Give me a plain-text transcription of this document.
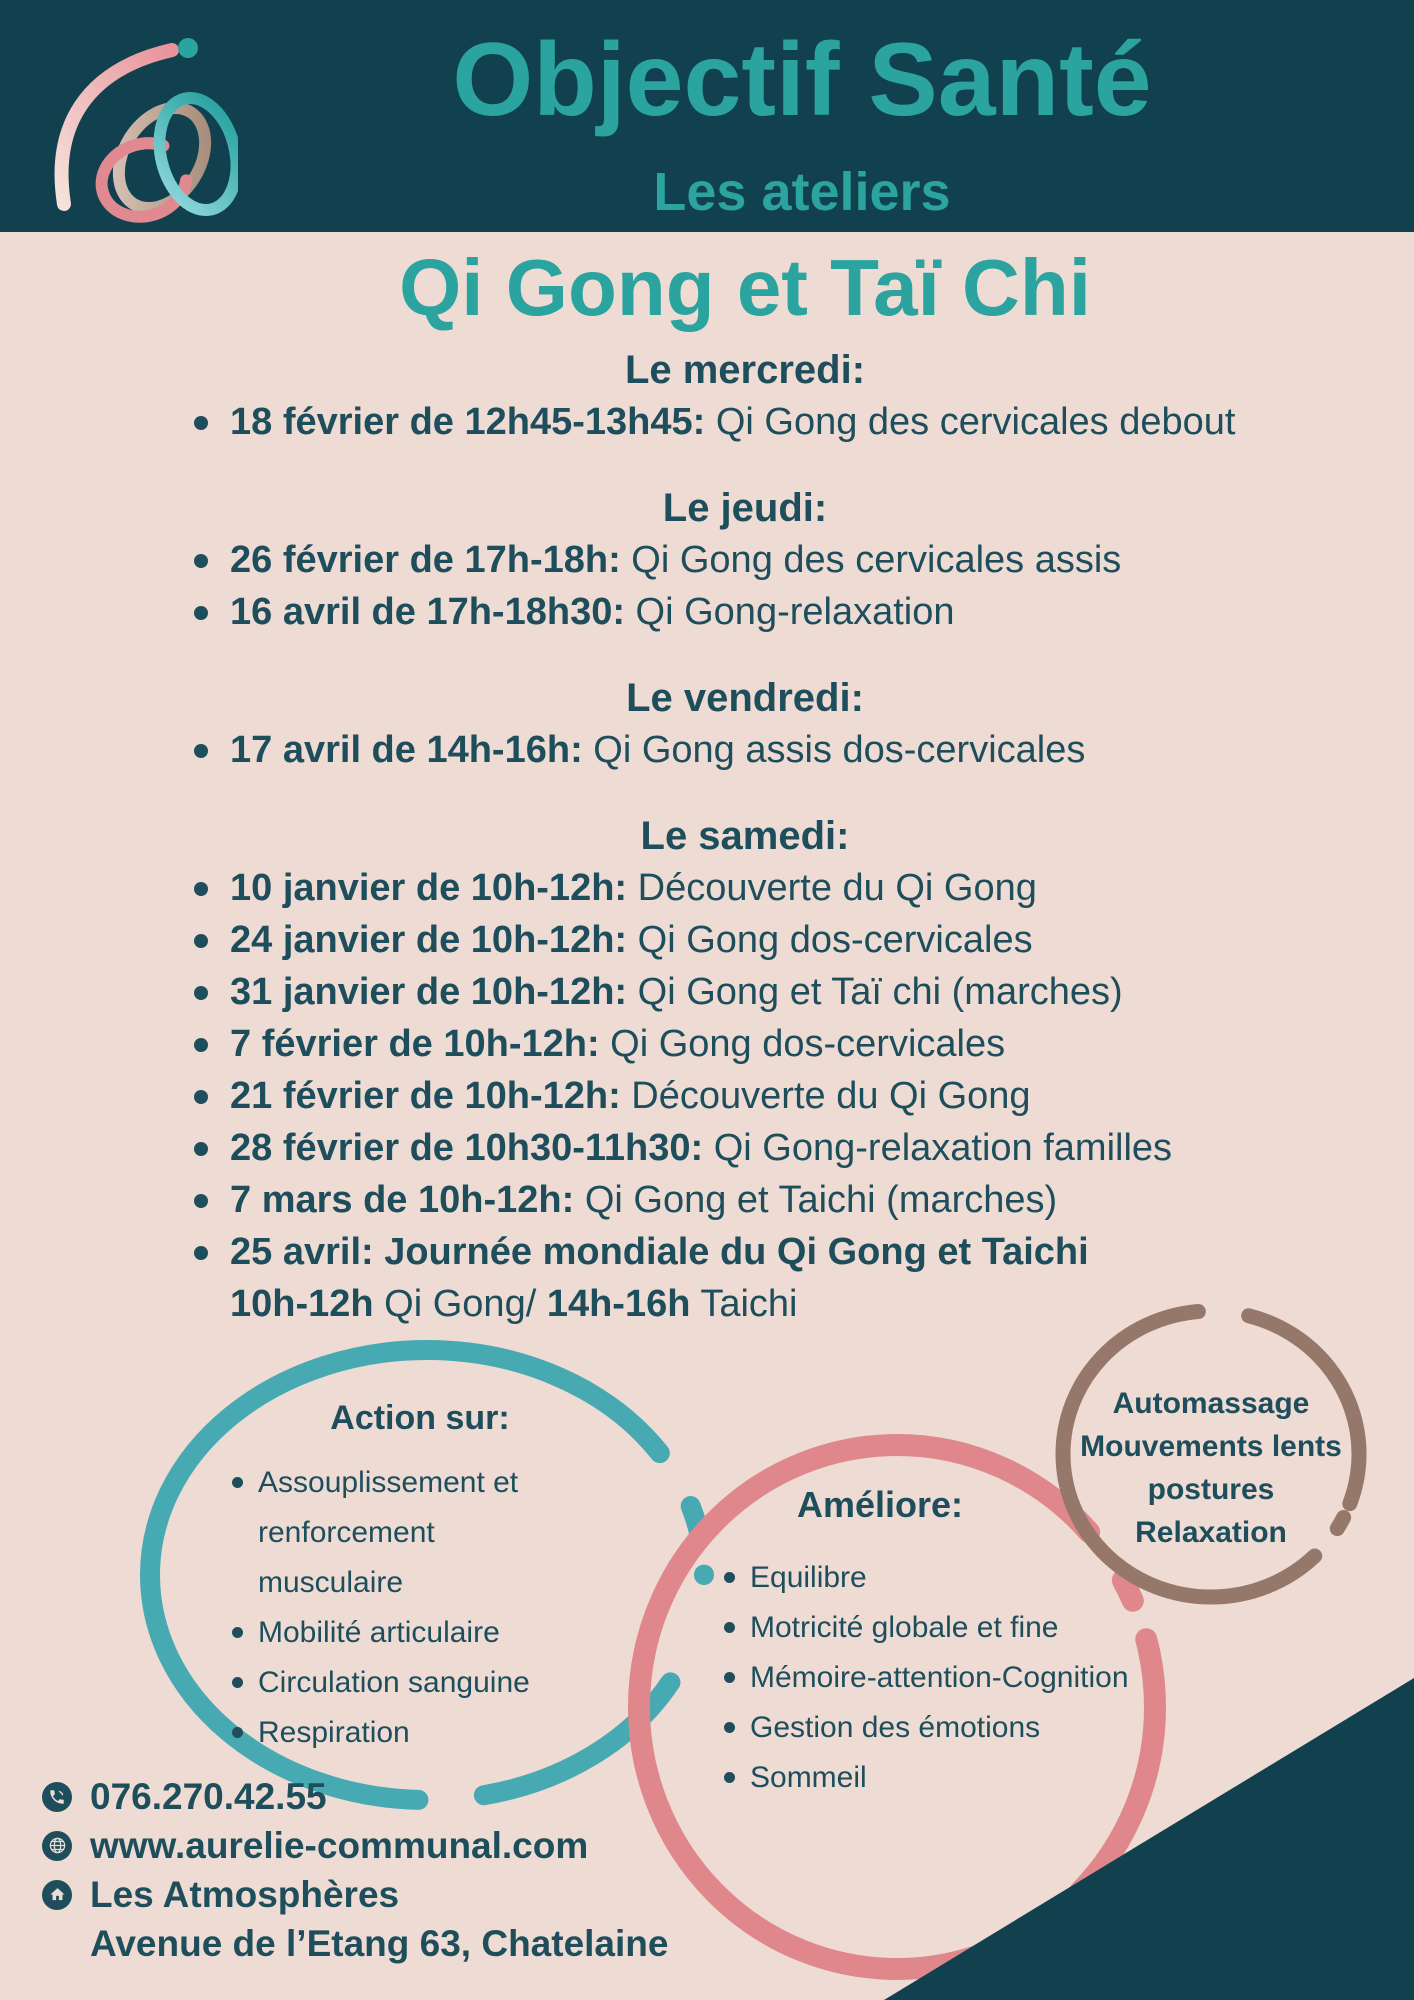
Objectif Santé
Les ateliers
Qi Gong et Taï Chi
Le mercredi:
18 février de 12h45-13h45: Qi Gong des cervicales debout
Le jeudi:
26 février de 17h-18h: Qi Gong des cervicales assis
16 avril de 17h-18h30: Qi Gong-relaxation
Le vendredi:
17 avril de 14h-16h: Qi Gong assis dos-cervicales
Le samedi:
10 janvier de 10h-12h: Découverte du Qi Gong
24 janvier de 10h-12h: Qi Gong dos-cervicales
31 janvier de 10h-12h: Qi Gong et Taï chi (marches)
7 février de 10h-12h: Qi Gong dos-cervicales
21 février de 10h-12h: Découverte du Qi Gong
28 février de 10h30-11h30: Qi Gong-relaxation familles
7 mars de 10h-12h: Qi Gong et Taichi (marches)
25 avril: Journée mondiale du Qi Gong et Taichi
10h-12h Qi Gong/ 14h-16h Taichi
Action sur:
Assouplissement et renforcement musculaire
Mobilité articulaire
Circulation sanguine
Respiration
Améliore:
Equilibre
Motricité globale et fine
Mémoire-attention-Cognition
Gestion des émotions
Sommeil
Automassage
Mouvements lents
postures
Relaxation
076.270.42.55
www.aurelie-communal.com
Les Atmosphères
Avenue de l’Etang 63, Chatelaine
